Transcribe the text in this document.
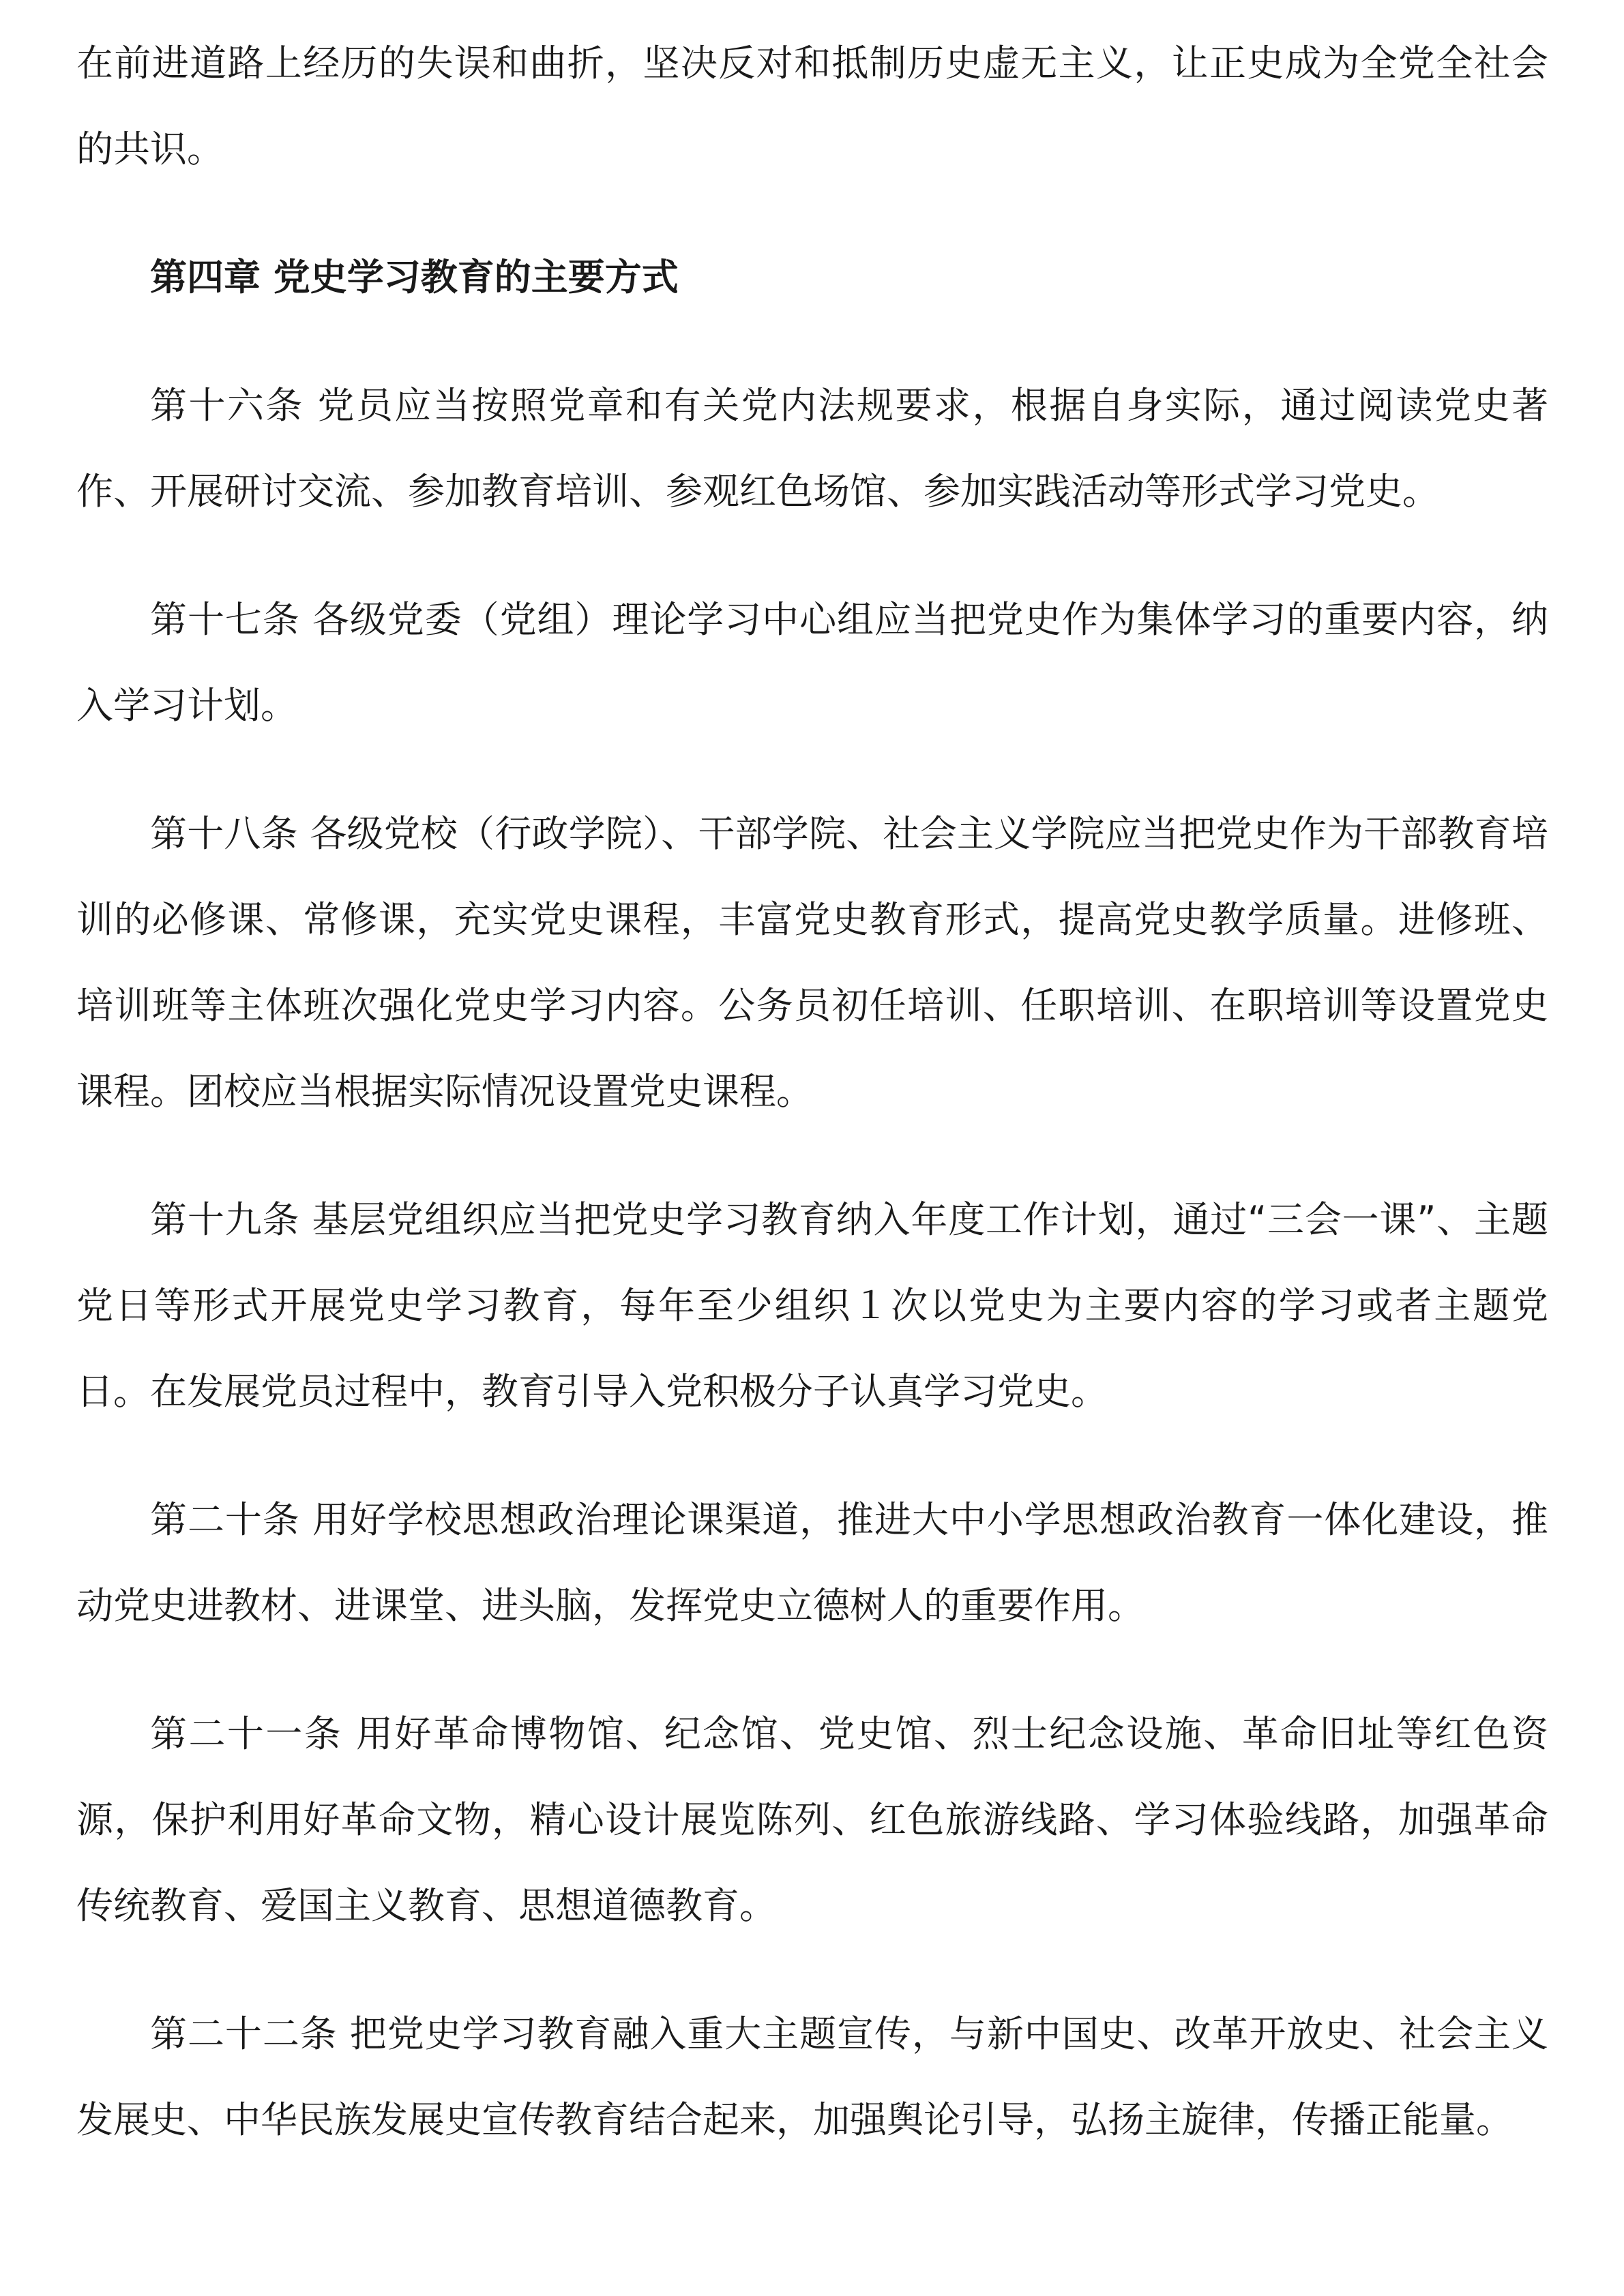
在前进道路上经历的失误和曲折，坚决反对和抵制历史虚无主义，让正史成为全党全社会的共识。

第四章 党史学习教育的主要方式

第十六条 党员应当按照党章和有关党内法规要求，根据自身实际，通过阅读党史著作、开展研讨交流、参加教育培训、参观红色场馆、参加实践活动等形式学习党史。

第十七条 各级党委（党组）理论学习中心组应当把党史作为集体学习的重要内容，纳入学习计划。

第十八条 各级党校（行政学院）、干部学院、社会主义学院应当把党史作为干部教育培训的必修课、常修课，充实党史课程，丰富党史教育形式，提高党史教学质量。进修班、培训班等主体班次强化党史学习内容。公务员初任培训、任职培训、在职培训等设置党史课程。团校应当根据实际情况设置党史课程。

第十九条 基层党组织应当把党史学习教育纳入年度工作计划，通过“三会一课”、主题党日等形式开展党史学习教育，每年至少组织１次以党史为主要内容的学习或者主题党日。在发展党员过程中，教育引导入党积极分子认真学习党史。

第二十条 用好学校思想政治理论课渠道，推进大中小学思想政治教育一体化建设，推动党史进教材、进课堂、进头脑，发挥党史立德树人的重要作用。

第二十一条 用好革命博物馆、纪念馆、党史馆、烈士纪念设施、革命旧址等红色资源，保护利用好革命文物，精心设计展览陈列、红色旅游线路、学习体验线路，加强革命传统教育、爱国主义教育、思想道德教育。

第二十二条 把党史学习教育融入重大主题宣传，与新中国史、改革开放史、社会主义发展史、中华民族发展史宣传教育结合起来，加强舆论引导，弘扬主旋律，传播正能量。
